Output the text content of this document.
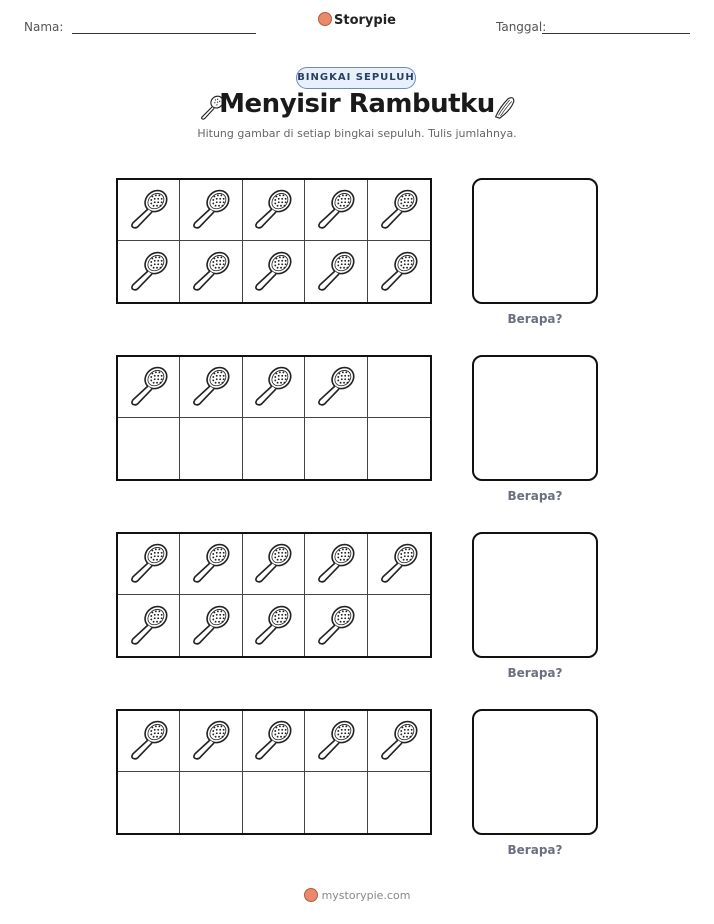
Nama:	Storypie	Tanggal:
BINGKAI SEPULUH
Menyisir Rambutku
Hitung gambar di setiap bingkai sepuluh. Tulis jumlahnya.
Berapa?
Berapa?
Berapa?
Berapa?
mystorypie.com
